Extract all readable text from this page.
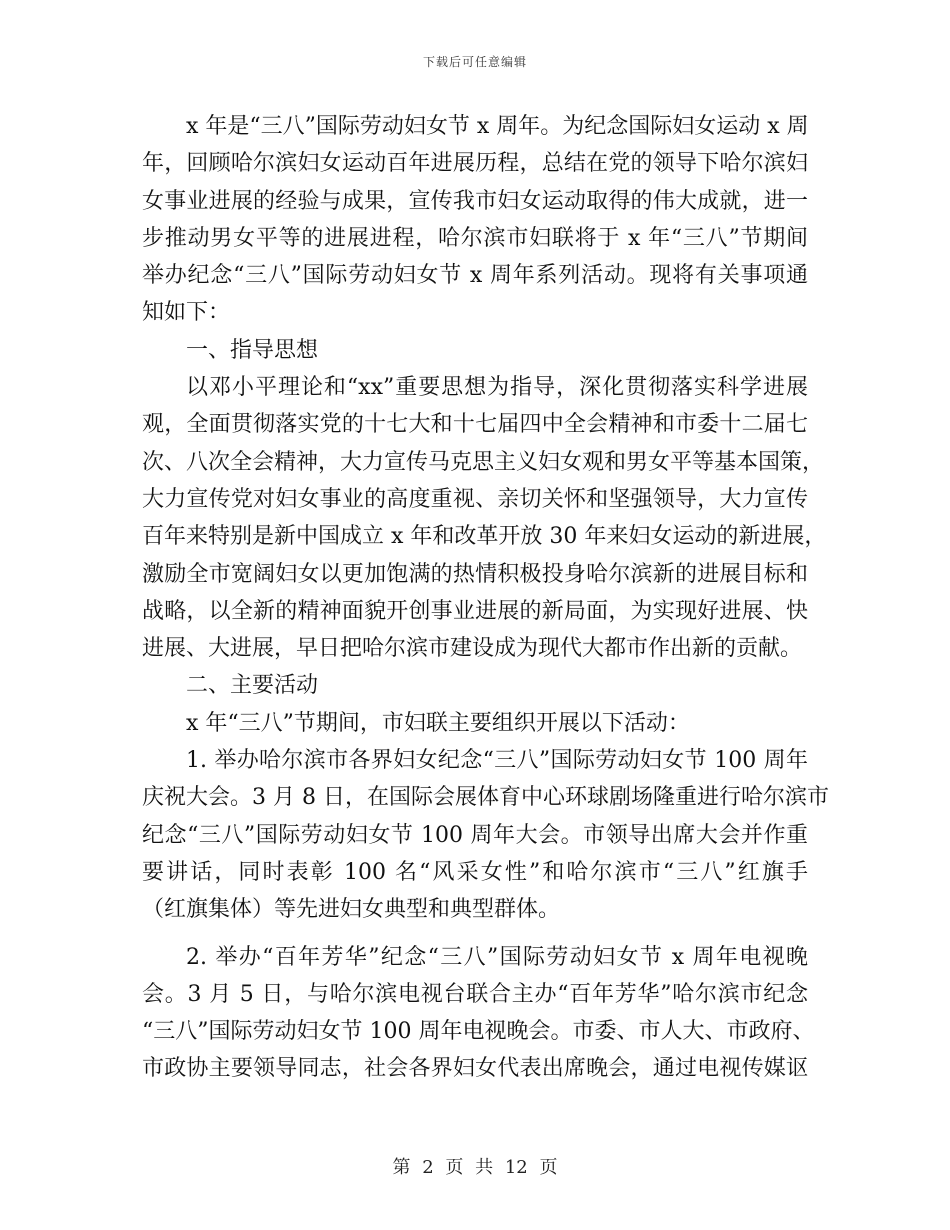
下载后可任意编辑
x 年是“三八”国际劳动妇女节 x 周年。为纪念国际妇女运动 x 周
年，回顾哈尔滨妇女运动百年进展历程，总结在党的领导下哈尔滨妇
女事业进展的经验与成果，宣传我市妇女运动取得的伟大成就，进一
步推动男女平等的进展进程，哈尔滨市妇联将于 x 年“三八”节期间
举办纪念“三八”国际劳动妇女节 x 周年系列活动。现将有关事项通
知如下：
一、指导思想
以邓小平理论和“xx”重要思想为指导，深化贯彻落实科学进展
观，全面贯彻落实党的十七大和十七届四中全会精神和市委十二届七
次、八次全会精神，大力宣传马克思主义妇女观和男女平等基本国策，
大力宣传党对妇女事业的高度重视、亲切关怀和坚强领导，大力宣传
百年来特别是新中国成立 x 年和改革开放 30 年来妇女运动的新进展，
激励全市宽阔妇女以更加饱满的热情积极投身哈尔滨新的进展目标和
战略，以全新的精神面貌开创事业进展的新局面，为实现好进展、快
进展、大进展，早日把哈尔滨市建设成为现代大都市作出新的贡献。
二、主要活动
x 年“三八”节期间，市妇联主要组织开展以下活动：
1. 举办哈尔滨市各界妇女纪念“三八”国际劳动妇女节 100 周年
庆祝大会。3 月 8 日，在国际会展体育中心环球剧场隆重进行哈尔滨市
纪念“三八”国际劳动妇女节 100 周年大会。市领导出席大会并作重
要讲话，同时表彰 100 名“风采女性”和哈尔滨市“三八”红旗手
（红旗集体）等先进妇女典型和典型群体。
2. 举办“百年芳华”纪念“三八”国际劳动妇女节 x 周年电视晚
会。3 月 5 日，与哈尔滨电视台联合主办“百年芳华”哈尔滨市纪念
“三八”国际劳动妇女节 100 周年电视晚会。市委、市人大、市政府、
市政协主要领导同志，社会各界妇女代表出席晚会，通过电视传媒讴
第 2 页 共 12 页
